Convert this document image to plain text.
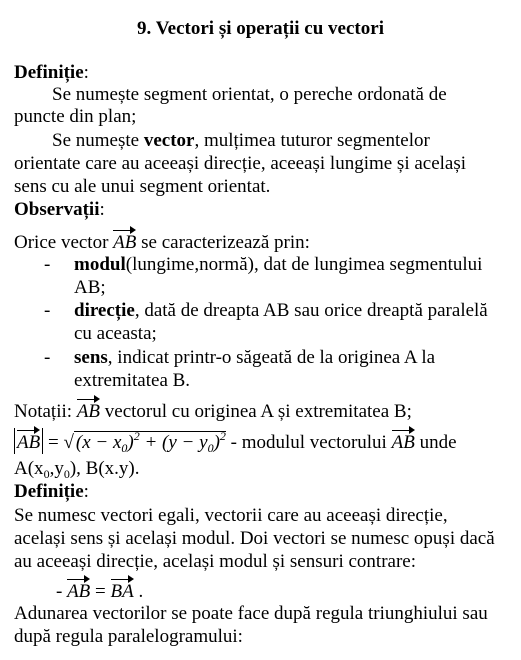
9. Vectori și operații cu vectori
Definiție:
Se numește segment orientat, o pereche ordonată de
puncte din plan;
Se numește vector, mulțimea tuturor segmentelor
orientate care au aceeași direcție, aceeași lungime și același
sens cu ale unui segment orientat.
Observații:
Orice vector AB se caracterizează prin:
- modul(lungime,normă), dat de lungimea segmentului
AB;
- direcție, dată de dreapta AB sau orice dreaptă paralelă
cu aceasta;
- sens, indicat printr-o săgeată de la originea A la
extremitatea B.
Notații: AB vectorul cu originea A și extremitatea B;
AB = √ $(x - x_0)^2 + (y - y_0)^2$ - modulul vectorului AB unde
$A(x_0,y_0)$, B(x.y).
Definiție:
Se numesc vectori egali, vectorii care au aceeași direcție,
același sens și același modul. Doi vectori se numesc opuși dacă
au aceeași direcție, același modul și sensuri contrare:
- AB = BA .
Adunarea vectorilor se poate face după regula triunghiului sau
după regula paralelogramului:
